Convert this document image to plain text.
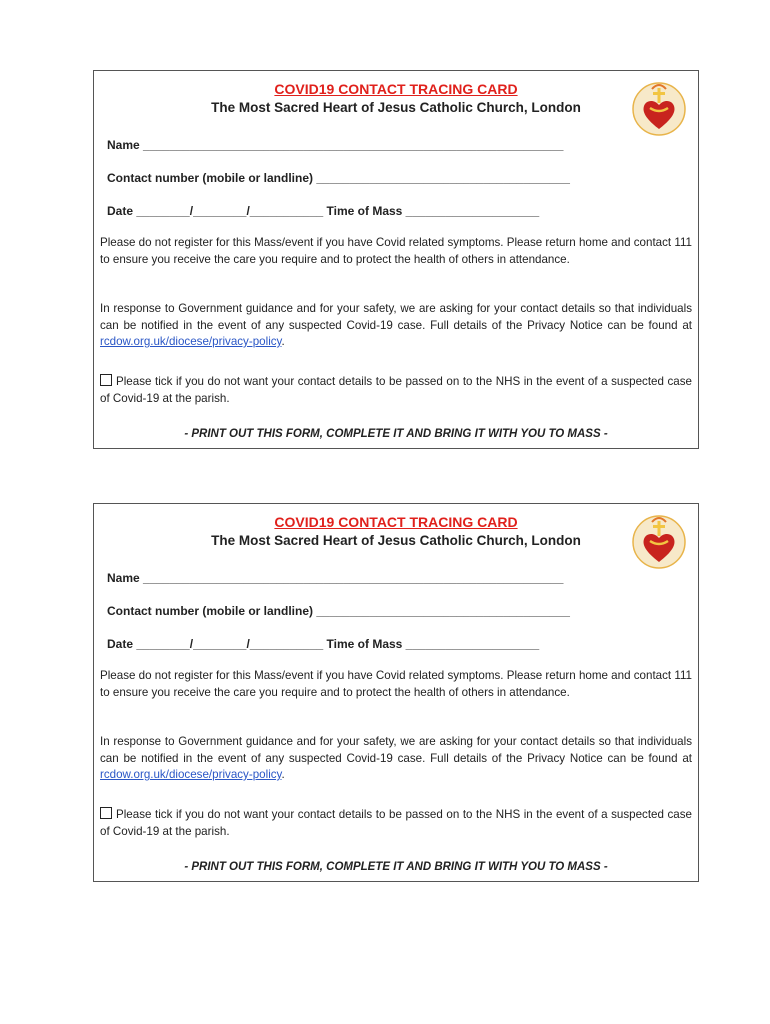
COVID19 CONTACT TRACING CARD
The Most Sacred Heart of Jesus Catholic Church, London
Name _______________________________________________________________
Contact number (mobile or landline) ______________________________________
Date ________/________/___________ Time of Mass ____________________
Please do not register for this Mass/event if you have Covid related symptoms. Please return home and contact 111 to ensure you receive the care you require and to protect the health of others in attendance.
In response to Government guidance and for your safety, we are asking for your contact details so that individuals can be notified in the event of any suspected Covid-19 case. Full details of the Privacy Notice can be found at rcdow.org.uk/diocese/privacy-policy.
Please tick if you do not want your contact details to be passed on to the NHS in the event of a suspected case of Covid-19 at the parish.
- PRINT OUT THIS FORM, COMPLETE IT AND BRING IT WITH YOU TO MASS -
COVID19 CONTACT TRACING CARD
The Most Sacred Heart of Jesus Catholic Church, London
Name _______________________________________________________________
Contact number (mobile or landline) ______________________________________
Date ________/________/___________ Time of Mass ____________________
Please do not register for this Mass/event if you have Covid related symptoms. Please return home and contact 111 to ensure you receive the care you require and to protect the health of others in attendance.
In response to Government guidance and for your safety, we are asking for your contact details so that individuals can be notified in the event of any suspected Covid-19 case. Full details of the Privacy Notice can be found at rcdow.org.uk/diocese/privacy-policy.
Please tick if you do not want your contact details to be passed on to the NHS in the event of a suspected case of Covid-19 at the parish.
- PRINT OUT THIS FORM, COMPLETE IT AND BRING IT WITH YOU TO MASS -
